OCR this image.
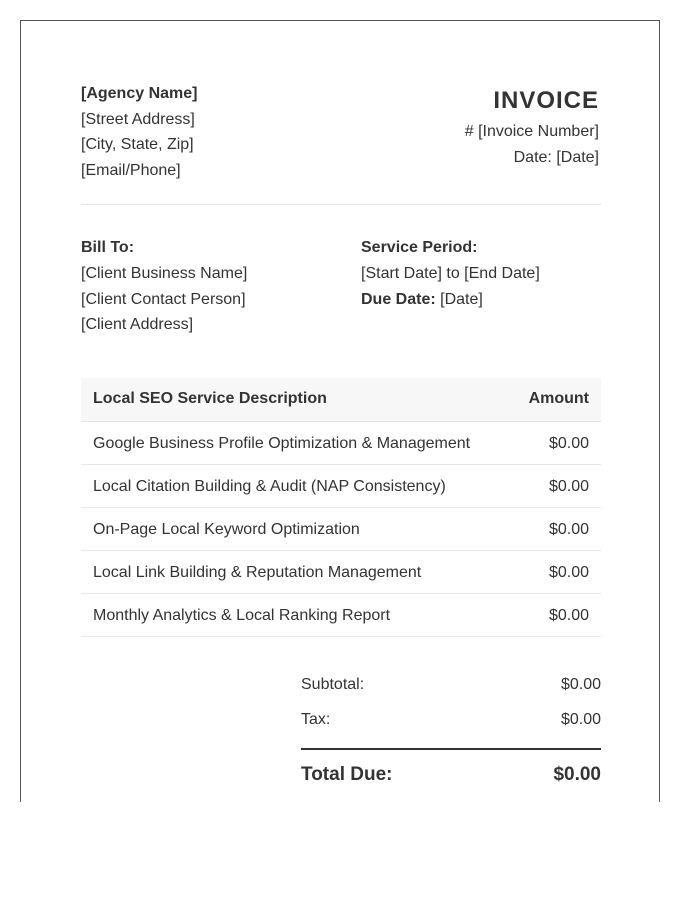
[Agency Name]
[Street Address]
[City, State, Zip]
[Email/Phone]
INVOICE
# [Invoice Number]
Date: [Date]
Bill To:
[Client Business Name]
[Client Contact Person]
[Client Address]
Service Period:
[Start Date] to [End Date]
Due Date: [Date]
Local SEO Service Description	Amount
Google Business Profile Optimization & Management	$0.00
Local Citation Building & Audit (NAP Consistency)	$0.00
On-Page Local Keyword Optimization	$0.00
Local Link Building & Reputation Management	$0.00
Monthly Analytics & Local Ranking Report	$0.00
Subtotal:	$0.00
Tax:	$0.00
Total Due:	$0.00
